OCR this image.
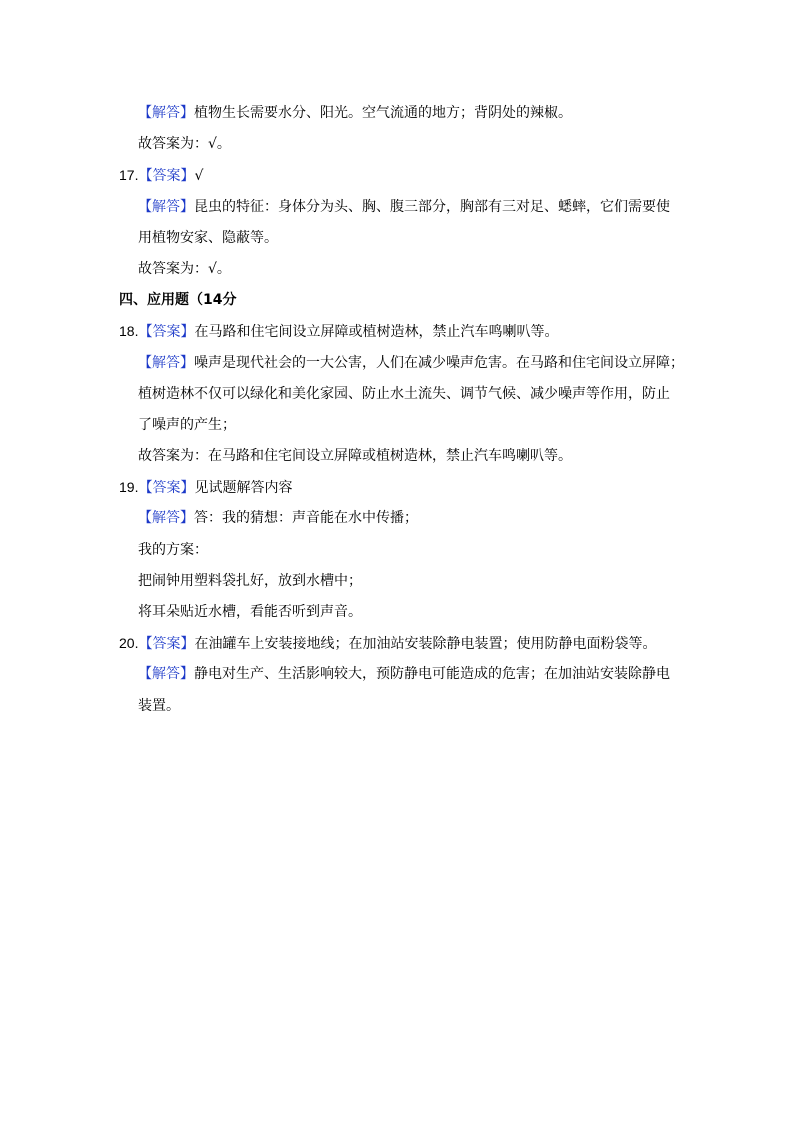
【解答】植物生长需要水分、阳光。空气流通的地方；背阴处的辣椒。
故答案为：√。
17.【答案】√
【解答】昆虫的特征：身体分为头、胸、腹三部分，胸部有三对足、蟋蟀，它们需要使
用植物安家、隐蔽等。
故答案为：√。
四、应用题（14分
18.【答案】在马路和住宅间设立屏障或植树造林，禁止汽车鸣喇叭等。
【解答】噪声是现代社会的一大公害，人们在减少噪声危害。在马路和住宅间设立屏障；
植树造林不仅可以绿化和美化家园、防止水土流失、调节气候、减少噪声等作用，防止
了噪声的产生；
故答案为：在马路和住宅间设立屏障或植树造林，禁止汽车鸣喇叭等。
19.【答案】见试题解答内容
【解答】答：我的猜想：声音能在水中传播；
我的方案：
把闹钟用塑料袋扎好，放到水槽中；
将耳朵贴近水槽，看能否听到声音。
20.【答案】在油罐车上安装接地线；在加油站安装除静电装置；使用防静电面粉袋等。
【解答】静电对生产、生活影响较大，预防静电可能造成的危害；在加油站安装除静电
装置。
